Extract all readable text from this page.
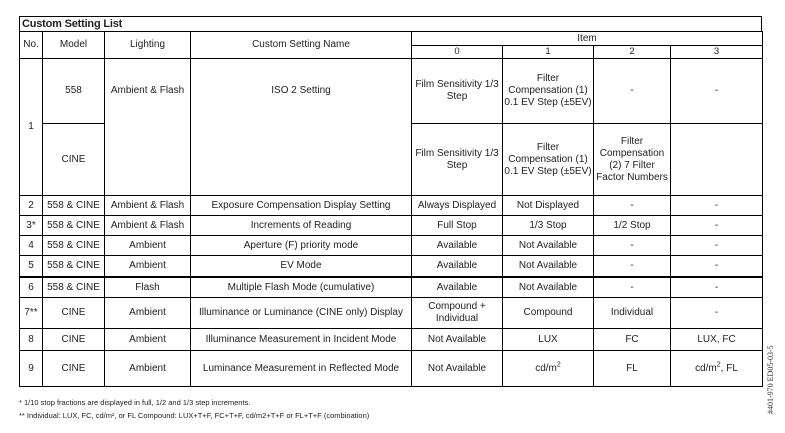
Custom Setting List
No.	Model	Lighting	Custom Setting Name	Item			
				0	1	2	3
1	558	Ambient & Flash	ISO 2 Setting	Film Sensitivity 1/3 Step	Filter Compensation (1) 0.1 EV Step (±5EV)	-	-
	CINE			Film Sensitivity 1/3 Step	Filter Compensation (1) 0.1 EV Step (±5EV)	Filter Compensation (2) 7 Filter Factor Numbers	
2	558 & CINE	Ambient & Flash	Exposure Compensation Display Setting	Always Displayed	Not Displayed	-	-
3*	558 & CINE	Ambient & Flash	Increments of Reading	Full Stop	1/3 Stop	1/2 Stop	-
4	558 & CINE	Ambient	Aperture (F) priority mode	Available	Not Available	-	-
5	558 & CINE	Ambient	EV Mode	Available	Not Available	-	-
6	558 & CINE	Flash	Multiple Flash Mode (cumulative)	Available	Not Available	-	-
7**	CINE	Ambient	Illuminance or Luminance (CINE only) Display	Compound + Individual	Compound	Individual	-
8	CINE	Ambient	Illuminance Measurement in Incident Mode	Not Available	LUX	FC	LUX, FC
9	CINE	Ambient	Luminance Measurement in Reflected Mode	Not Available	$cd/m^2$	FL	$cd/m^2$, FL
* 1/10 stop fractions are displayed in full, 1/2 and 1/3 step increments.
** Individual: LUX, FC, cd/m², or FL Compound: LUX+T+F, FC+T+F, cd/m2+T+F or FL+T+F (combination)
#401-970 ED05-03-5
